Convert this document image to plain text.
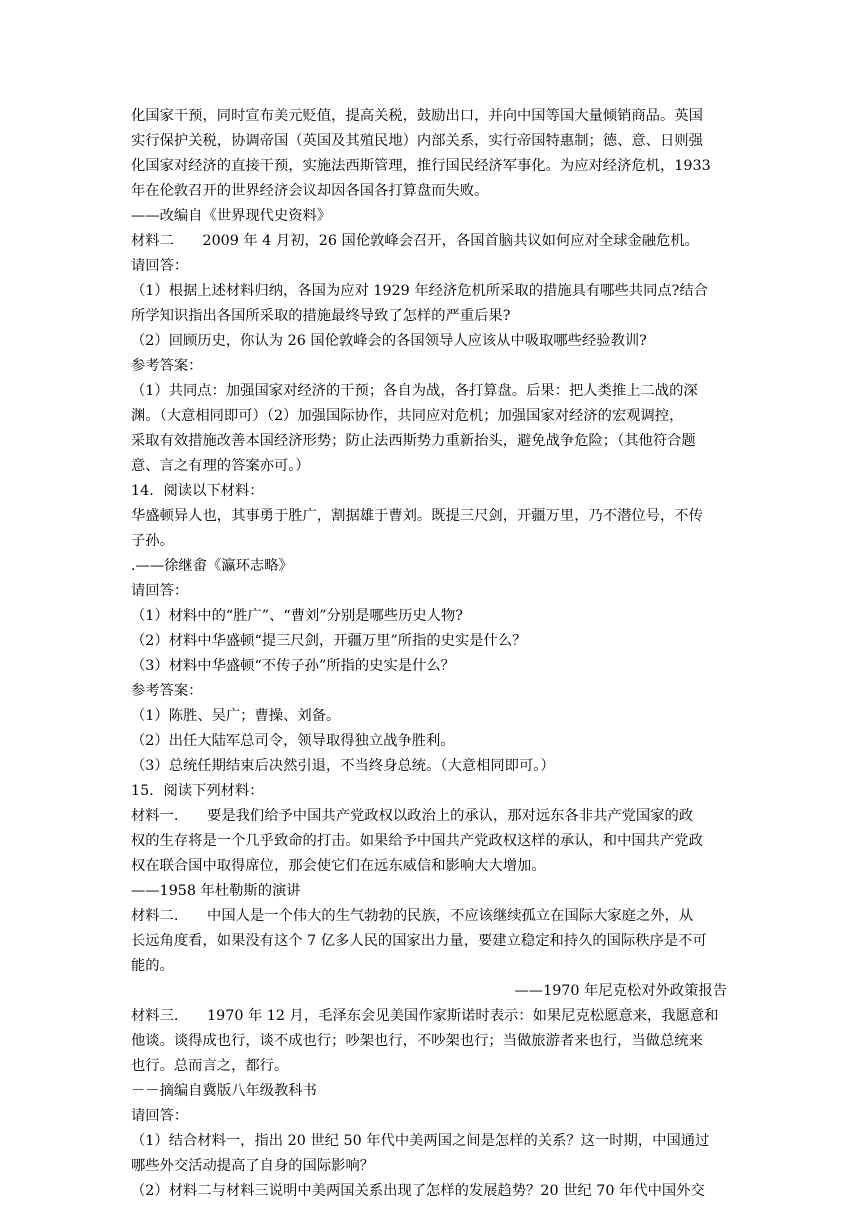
化国家干预，同时宣布美元贬值，提高关税，鼓励出口，并向中国等国大量倾销商品。英国
实行保护关税，协调帝国（英国及其殖民地）内部关系，实行帝国特惠制；德、意、日则强
化国家对经济的直接干预，实施法西斯管理，推行国民经济军事化。为应对经济危机，1933
年在伦敦召开的世界经济会议却因各国各打算盘而失败。
——改编自《世界现代史资料》
材料二　　2009 年 4 月初，26 国伦敦峰会召开，各国首脑共议如何应对全球金融危机。
请回答：
（1）根据上述材料归纳，各国为应对 1929 年经济危机所采取的措施具有哪些共同点?结合
所学知识指出各国所采取的措施最终导致了怎样的严重后果?
（2）回顾历史，你认为 26 国伦敦峰会的各国领导人应该从中吸取哪些经验教训?
参考答案：
（1）共同点：加强国家对经济的干预；各自为战，各打算盘。后果：把人类推上二战的深
渊。（大意相同即可）（2）加强国际协作，共同应对危机；加强国家对经济的宏观调控，
采取有效措施改善本国经济形势；防止法西斯势力重新抬头，避免战争危险；（其他符合题
意、言之有理的答案亦可。）
14．阅读以下材料：
华盛顿异人也，其事勇于胜广，割据雄于曹刘。既提三尺剑，开疆万里，乃不潜位号，不传
子孙。
.——徐继畬《瀛环志略》
请回答：
（1）材料中的“胜广”、“曹刘”分别是哪些历史人物?
（2）材料中华盛顿“提三尺剑，开疆万里”所指的史实是什么？
（3）材料中华盛顿“不传子孙”所指的史实是什么？
参考答案：
（1）陈胜、吴广；曹操、刘备。
（2）出任大陆军总司令，领导取得独立战争胜利。
（3）总统任期结束后决然引退，不当终身总统。（大意相同即可。）
15．阅读下列材料：
材料一.　　要是我们给予中国共产党政权以政治上的承认，那对远东各非共产党国家的政
权的生存将是一个几乎致命的打击。如果给予中国共产党政权这样的承认，和中国共产党政
权在联合国中取得席位，那会使它们在远东威信和影响大大增加。
——1958 年杜勒斯的演讲
材料二.　　中国人是一个伟大的生气勃勃的民族，不应该继续孤立在国际大家庭之外，从
长远角度看，如果没有这个 7 亿多人民的国家出力量，要建立稳定和持久的国际秩序是不可
能的。
——1970 年尼克松对外政策报告
材料三.　　1970 年 12 月，毛泽东会见美国作家斯诺时表示：如果尼克松愿意来，我愿意和
他谈。谈得成也行，谈不成也行；吵架也行，不吵架也行；当做旅游者来也行，当做总统来
也行。总而言之，都行。
－－摘编自冀版八年级教科书
请回答：
（1）结合材料一，指出 20 世纪 50 年代中美两国之间是怎样的关系？这一时期，中国通过
哪些外交活动提高了自身的国际影响？
（2）材料二与材料三说明中美两国关系出现了怎样的发展趋势？20 世纪 70 年代中国外交
